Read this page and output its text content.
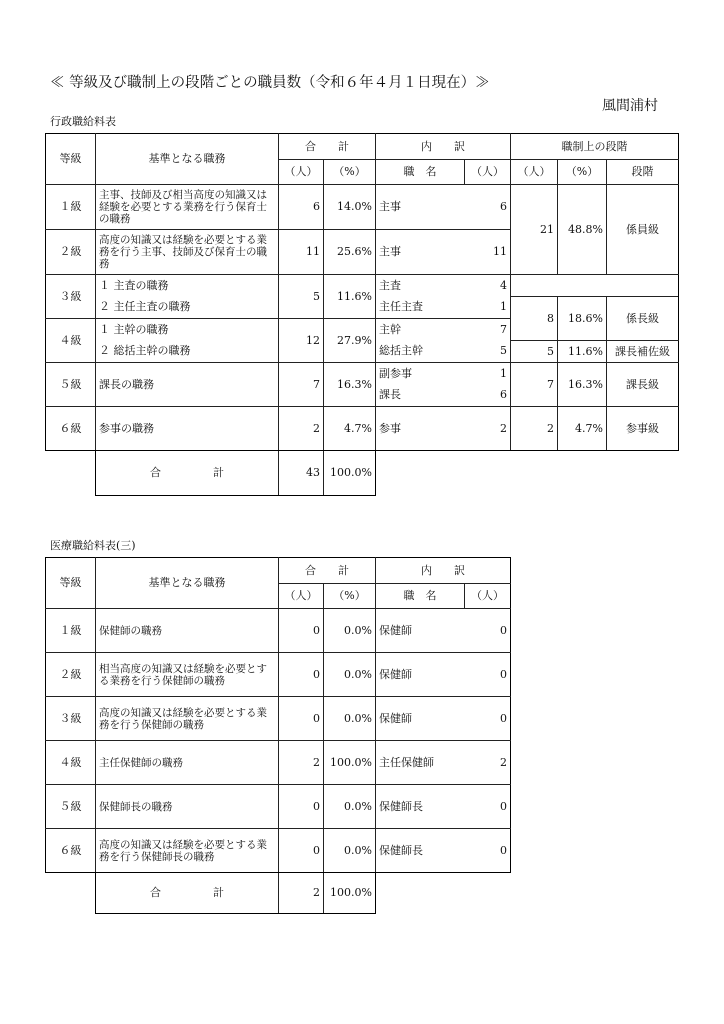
≪ 等級及び職制上の段階ごとの職員数（令和６年４月１日現在）≫
風間浦村
行政職給料表
等級	基準となる職務	合　　計		内　　訳		職制上の段階		
		（人）	（%）	職　名	（人）	（人）	（%）	段階
１級	主事、技師及び相当高度の知識又は経験を必要とする業務を行う保育士の職務	6	14.0%	主事	6	21	48.8%	係員級
２級	高度の知識又は経験を必要とする業務を行う主事、技師及び保育士の職務	11	25.6%	主事	11			
３級	１ 主査の職務	5	11.6%	主査	4			
	２ 主任主査の職務			主任主査	1	8	18.6%	係長級
４級	１ 主幹の職務	12	27.9%	主幹	7			
	２ 総括主幹の職務			総括主幹	5	5	11.6%	課長補佐級
５級	課長の職務	7	16.3%	副参事	1	7	16.3%	課長級
				課長	6			
６級	参事の職務	2	4.7%	参事	2	2	4.7%	参事級

	合 計	43	100.0%					
医療職給料表(三)
等級	基準となる職務	合　　計		内　　訳	
		（人）	（%）	職　名	（人）
１級	保健師の職務	0	0.0%	保健師	0
２級	相当高度の知識又は経験を必要とする業務を行う保健師の職務	0	0.0%	保健師	0
３級	高度の知識又は経験を必要とする業務を行う保健師の職務	0	0.0%	保健師	0
４級	主任保健師の職務	2	100.0%	主任保健師	2
５級	保健師長の職務	0	0.0%	保健師長	0
６級	高度の知識又は経験を必要とする業務を行う保健師長の職務	0	0.0%	保健師長	0

	合 計	2	100.0%		
